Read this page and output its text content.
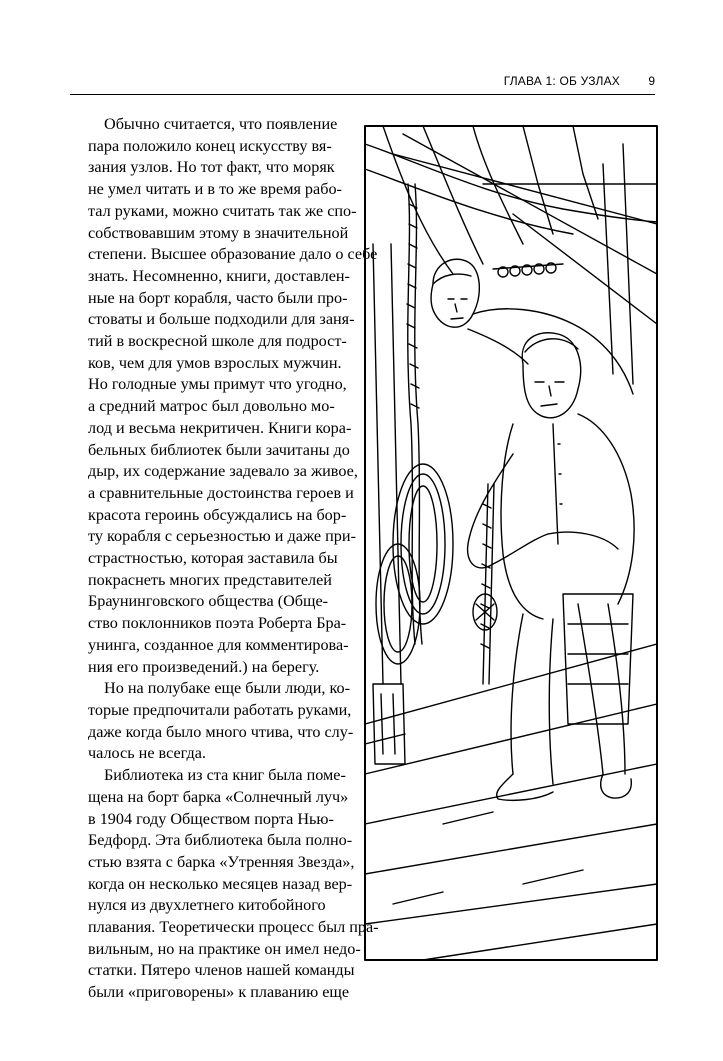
ГЛАВА 1: ОБ УЗЛАХ 9
Обычно считается, что появление
пара положило конец искусству вя-
зания узлов. Но тот факт, что моряк
не умел читать и в то же время рабо-
тал руками, можно считать так же спо-
собствовавшим этому в значительной
степени. Высшее образование дало о себе
знать. Несомненно, книги, доставлен-
ные на борт корабля, часто были про-
стоваты и больше подходили для заня-
тий в воскресной школе для подрост-
ков, чем для умов взрослых мужчин.
Но голодные умы примут что угодно,
а средний матрос был довольно мо-
лод и весьма некритичен. Книги кора-
бельных библиотек были зачитаны до
дыр, их содержание задевало за живое,
а сравнительные достоинства героев и
красота героинь обсуждались на бор-
ту корабля с серьезностью и даже при-
страстностью, которая заставила бы
покраснеть многих представителей
Браунинговского общества (Обще-
ство поклонников поэта Роберта Бра-
унинга, созданное для комментирова-
ния его произведений.) на берегу.
Но на полубаке еще были люди, ко-
торые предпочитали работать руками,
даже когда было много чтива, что слу-
чалось не всегда.
Библиотека из ста книг была поме-
щена на борт барка «Солнечный луч»
в 1904 году Обществом порта Нью-
Бедфорд. Эта библиотека была полно-
стью взята с барка «Утренняя Звезда»,
когда он несколько месяцев назад вер-
нулся из двухлетнего китобойного
плавания. Теоретически процесс был пра-
вильным, но на практике он имел недо-
статки. Пятеро членов нашей команды
были «приговорены» к плаванию еще
